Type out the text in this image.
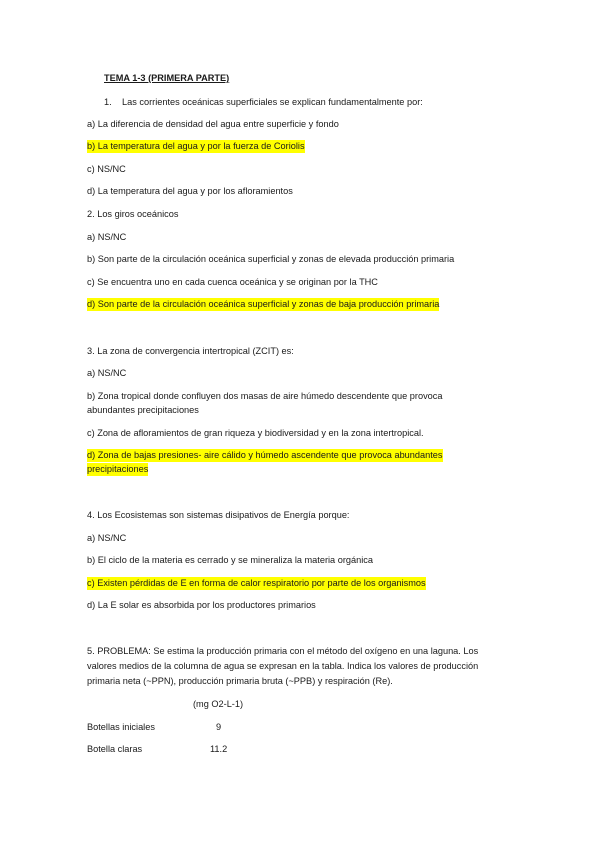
TEMA 1-3 (PRIMERA PARTE)
1. Las corrientes oceánicas superficiales se explican fundamentalmente por:
a) La diferencia de densidad del agua entre superficie y fondo
b) La temperatura del agua y por la fuerza de Coriolis
c) NS/NC
d) La temperatura del agua y por los afloramientos
2. Los giros oceánicos
a) NS/NC
b) Son parte de la circulación oceánica superficial y zonas de elevada producción primaria
c) Se encuentra uno en cada cuenca oceánica y se originan por la THC
d) Son parte de la circulación oceánica superficial y zonas de baja producción primaria
3. La zona de convergencia intertropical (ZCIT) es:
a) NS/NC
b) Zona tropical donde confluyen dos masas de aire húmedo descendente que provoca
abundantes precipitaciones
c) Zona de afloramientos de gran riqueza y biodiversidad y en la zona intertropical.
d) Zona de bajas presiones- aire cálido y húmedo ascendente que provoca abundantes
precipitaciones
4. Los Ecosistemas son sistemas disipativos de Energía porque:
a) NS/NC
b) El ciclo de la materia es cerrado y se mineraliza la materia orgánica
c) Existen pérdidas de E en forma de calor respiratorio por parte de los organismos
d) La E solar es absorbida por los productores primarios
5. PROBLEMA: Se estima la producción primaria con el método del oxígeno en una laguna. Los
valores medios de la columna de agua se expresan en la tabla. Indica los valores de producción
primaria neta (~PPN), producción primaria bruta (~PPB) y respiración (Re).
(mg O2-L-1)
Botellas iniciales	9
Botella claras	11.2
